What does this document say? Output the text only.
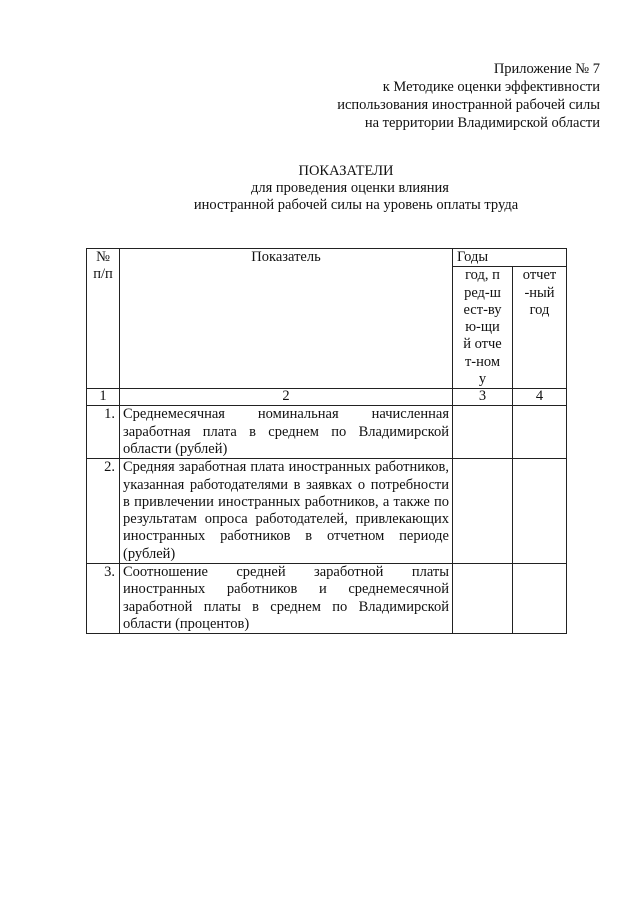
Приложение № 7
к Методике оценки эффективности
использования иностранной рабочей силы
на территории Владимирской области
ПОКАЗАТЕЛИ
для проведения оценки влияния
иностранной рабочей силы на уровень оплаты труда
№ п/п	Показатель	Годы	

		год, пред-шест-вую-щий отчет-ному	отчет-ный год

1	2	3	4
1.	Среднемесячная номинальная начисленная заработная плата в среднем по Владимирской области (рублей)		
2.	Средняя заработная плата иностранных работников, указанная работодателями в заявках о потребности в привлечении иностранных работников, а также по результатам опроса работодателей, привлекающих иностранных работников в отчетном периоде (рублей)		
3.	Соотношение средней заработной платы иностранных работников и среднемесячной заработной платы в среднем по Владимирской области (процентов)		
